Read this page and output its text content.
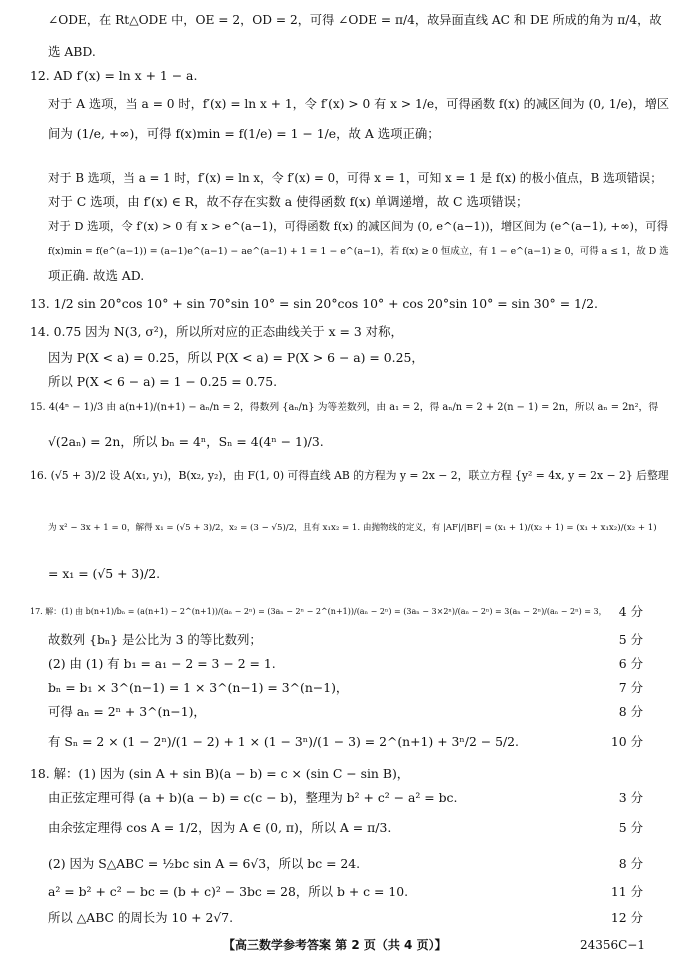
∠ODE，在 Rt△ODE 中，OE = 2，OD = 2，可得 ∠ODE = π/4，故异面直线 AC 和 DE 所成的角为 π/4，故
选 ABD.
12. AD f′(x) = ln x + 1 − a.
对于 A 选项，当 a = 0 时，f′(x) = ln x + 1，令 f′(x) > 0 有 x > 1/e，可得函数 f(x) 的减区间为 (0, 1/e)，增区
间为 (1/e, +∞)，可得 f(x)min = f(1/e) = 1 − 1/e，故 A 选项正确；
对于 B 选项，当 a = 1 时，f′(x) = ln x，令 f′(x) = 0，可得 x = 1，可知 x = 1 是 f(x) 的极小值点，B 选项错误；
对于 C 选项，由 f′(x) ∈ R，故不存在实数 a 使得函数 f(x) 单调递增，故 C 选项错误；
对于 D 选项，令 f′(x) > 0 有 x > e^(a−1)，可得函数 f(x) 的减区间为 (0, e^(a−1))，增区间为 (e^(a−1), +∞)，可得
f(x)min = f(e^(a−1)) = (a−1)e^(a−1) − ae^(a−1) + 1 = 1 − e^(a−1)，若 f(x) ≥ 0 恒成立，有 1 − e^(a−1) ≥ 0，可得 a ≤ 1，故 D 选
项正确. 故选 AD.
13. 1/2 sin 20°cos 10° + sin 70°sin 10° = sin 20°cos 10° + cos 20°sin 10° = sin 30° = 1/2.
14. 0.75 因为 N(3, σ²)，所以所对应的正态曲线关于 x = 3 对称，
因为 P(X < a) = 0.25，所以 P(X < a) = P(X > 6 − a) = 0.25，
所以 P(X < 6 − a) = 1 − 0.25 = 0.75.
15. 4(4ⁿ − 1)/3 由 a(n+1)/(n+1) − aₙ/n = 2，得数列 {aₙ/n} 为等差数列，由 a₁ = 2，得 aₙ/n = 2 + 2(n − 1) = 2n，所以 aₙ = 2n²，得
√(2aₙ) = 2n，所以 bₙ = 4ⁿ，Sₙ = 4(4ⁿ − 1)/3.
16. (√5 + 3)/2 设 A(x₁, y₁)，B(x₂, y₂)，由 F(1, 0) 可得直线 AB 的方程为 y = 2x − 2，联立方程 {y² = 4x, y = 2x − 2} 后整理
为 x² − 3x + 1 = 0，解得 x₁ = (√5 + 3)/2，x₂ = (3 − √5)/2，且有 x₁x₂ = 1. 由抛物线的定义，有 |AF|/|BF| = (x₁ + 1)/(x₂ + 1) = (x₁ + x₁x₂)/(x₂ + 1)
= x₁ = (√5 + 3)/2.
17. 解：(1) 由 b(n+1)/bₙ = (a(n+1) − 2^(n+1))/(aₙ − 2ⁿ) = (3aₙ − 2ⁿ − 2^(n+1))/(aₙ − 2ⁿ) = (3aₙ − 3×2ⁿ)/(aₙ − 2ⁿ) = 3(aₙ − 2ⁿ)/(aₙ − 2ⁿ) = 3， 4 分
故数列 {bₙ} 是公比为 3 的等比数列；	5 分
(2) 由 (1) 有 b₁ = a₁ − 2 = 3 − 2 = 1.	6 分
bₙ = b₁ × 3^(n−1) = 1 × 3^(n−1) = 3^(n−1)，	7 分
可得 aₙ = 2ⁿ + 3^(n−1)，	8 分
有 Sₙ = 2 × (1 − 2ⁿ)/(1 − 2) + 1 × (1 − 3ⁿ)/(1 − 3) = 2^(n+1) + 3ⁿ/2 − 5/2.	10 分
18. 解：(1) 因为 (sin A + sin B)(a − b) = c × (sin C − sin B)，
由正弦定理可得 (a + b)(a − b) = c(c − b)，整理为 b² + c² − a² = bc.	3 分
由余弦定理得 cos A = 1/2，因为 A ∈ (0, π)，所以 A = π/3.	5 分
(2) 因为 S△ABC = ½bc sin A = 6√3，所以 bc = 24.	8 分
a² = b² + c² − bc = (b + c)² − 3bc = 28，所以 b + c = 10.	11 分
所以 △ABC 的周长为 10 + 2√7.	12 分
【高三数学参考答案 第 2 页（共 4 页）】	24356C−1
